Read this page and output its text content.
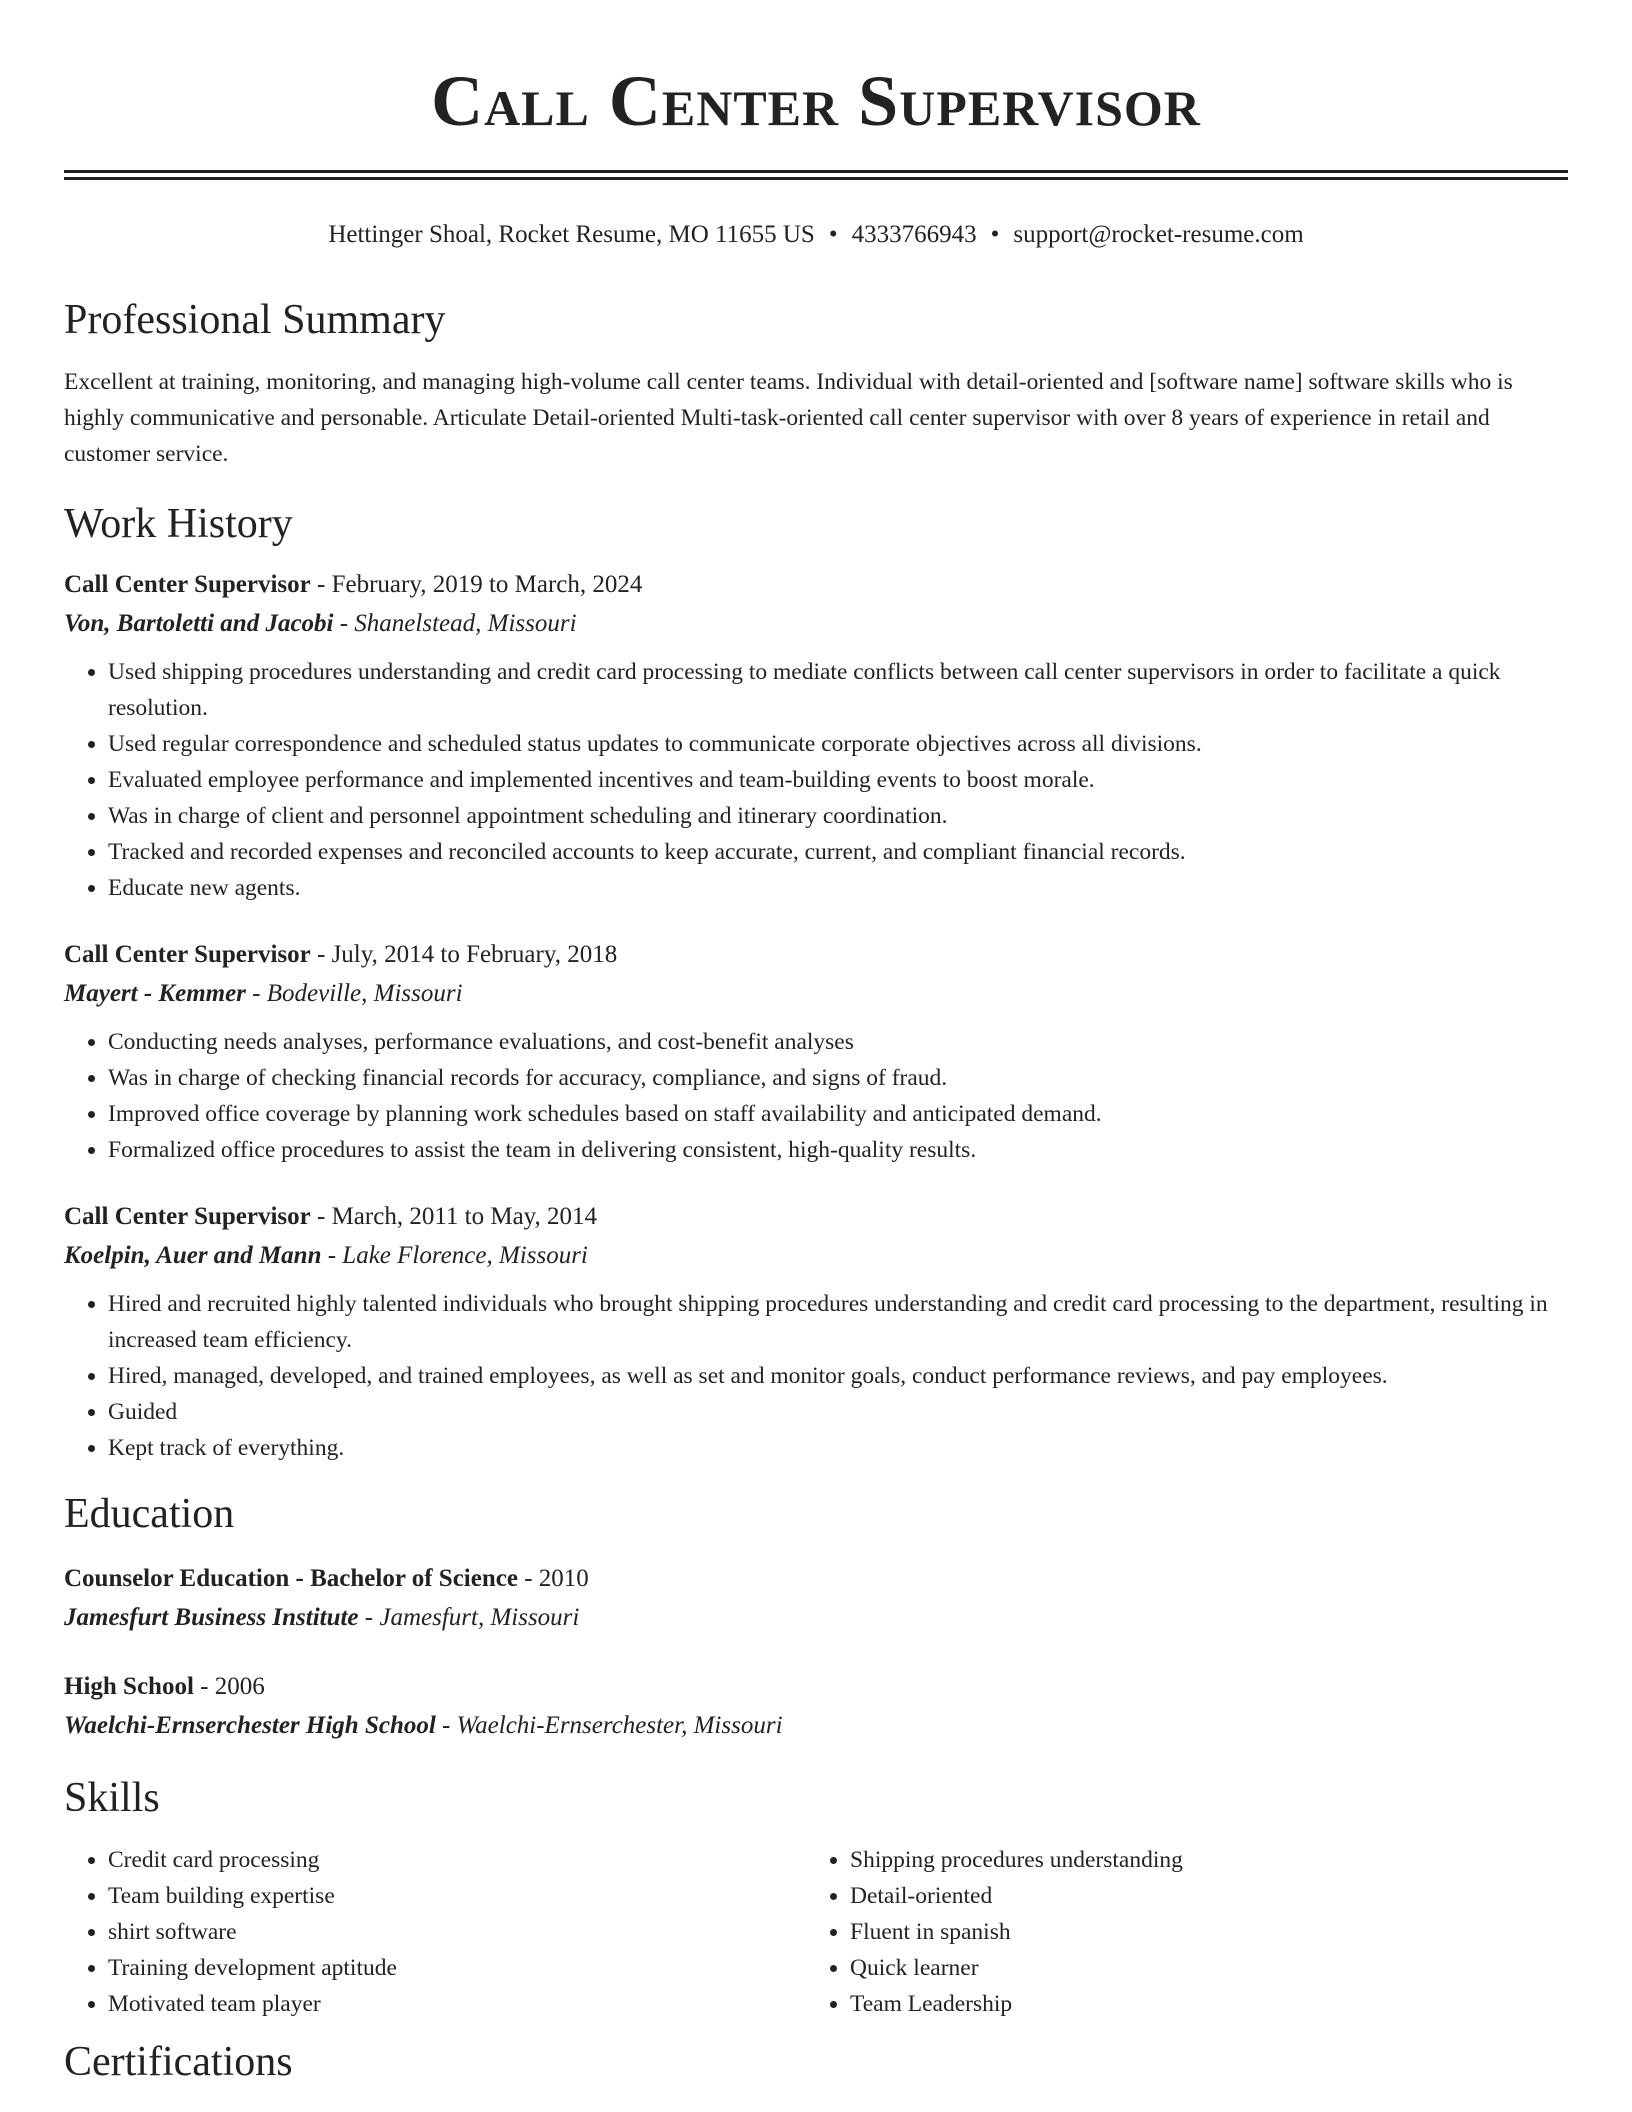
Call Center Supervisor
Hettinger Shoal, Rocket Resume, MO 11655 US • 4333766943 • support@rocket-resume.com
Professional Summary
Excellent at training, monitoring, and managing high-volume call center teams. Individual with detail-oriented and [software name] software skills who is highly communicative and personable. Articulate Detail-oriented Multi-task-oriented call center supervisor with over 8 years of experience in retail and customer service.
Work History
Call Center Supervisor - February, 2019 to March, 2024
Von, Bartoletti and Jacobi - Shanelstead, Missouri
• Used shipping procedures understanding and credit card processing to mediate conflicts between call center supervisors in order to facilitate a quick resolution.
• Used regular correspondence and scheduled status updates to communicate corporate objectives across all divisions.
• Evaluated employee performance and implemented incentives and team-building events to boost morale.
• Was in charge of client and personnel appointment scheduling and itinerary coordination.
• Tracked and recorded expenses and reconciled accounts to keep accurate, current, and compliant financial records.
• Educate new agents.
Call Center Supervisor - July, 2014 to February, 2018
Mayert - Kemmer - Bodeville, Missouri
• Conducting needs analyses, performance evaluations, and cost-benefit analyses
• Was in charge of checking financial records for accuracy, compliance, and signs of fraud.
• Improved office coverage by planning work schedules based on staff availability and anticipated demand.
• Formalized office procedures to assist the team in delivering consistent, high-quality results.
Call Center Supervisor - March, 2011 to May, 2014
Koelpin, Auer and Mann - Lake Florence, Missouri
• Hired and recruited highly talented individuals who brought shipping procedures understanding and credit card processing to the department, resulting in increased team efficiency.
• Hired, managed, developed, and trained employees, as well as set and monitor goals, conduct performance reviews, and pay employees.
• Guided
• Kept track of everything.
Education
Counselor Education - Bachelor of Science - 2010
Jamesfurt Business Institute - Jamesfurt, Missouri
High School - 2006
Waelchi-Ernserchester High School - Waelchi-Ernserchester, Missouri
Skills
• Credit card processing
• Team building expertise
• shirt software
• Training development aptitude
• Motivated team player
• Shipping procedures understanding
• Detail-oriented
• Fluent in spanish
• Quick learner
• Team Leadership
Certifications
